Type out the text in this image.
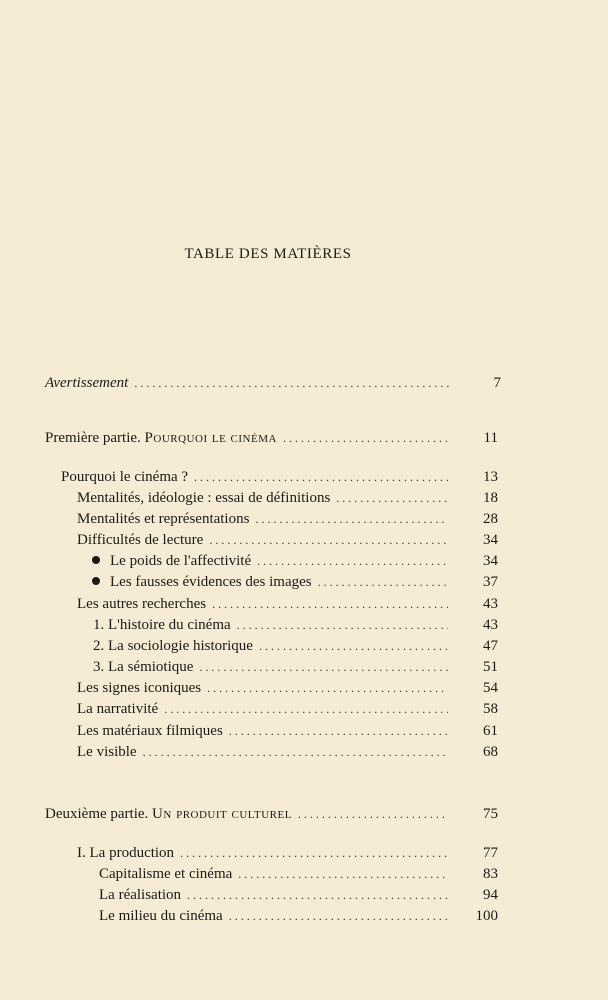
TABLE DES MATIÈRES
Avertissement . . .	7
Première partie. Pourquoi le cinéma . . .	11
Pourquoi le cinéma ? . . .	13
Mentalités, idéologie : essai de définitions . . .	18
Mentalités et représentations . . .	28
Difficultés de lecture . . .	34
Le poids de l'affectivité . . .	34
Les fausses évidences des images . . .	37
Les autres recherches . . .	43
1. L'histoire du cinéma . . .	43
2. La sociologie historique . . .	47
3. La sémiotique . . .	51
Les signes iconiques . . .	54
La narrativité . . .	58
Les matériaux filmiques . . .	61
Le visible . . .	68
Deuxième partie. Un produit culturel . . .	75
I. La production . . .	77
Capitalisme et cinéma . . .	83
La réalisation . . .	94
Le milieu du cinéma . . .	100
